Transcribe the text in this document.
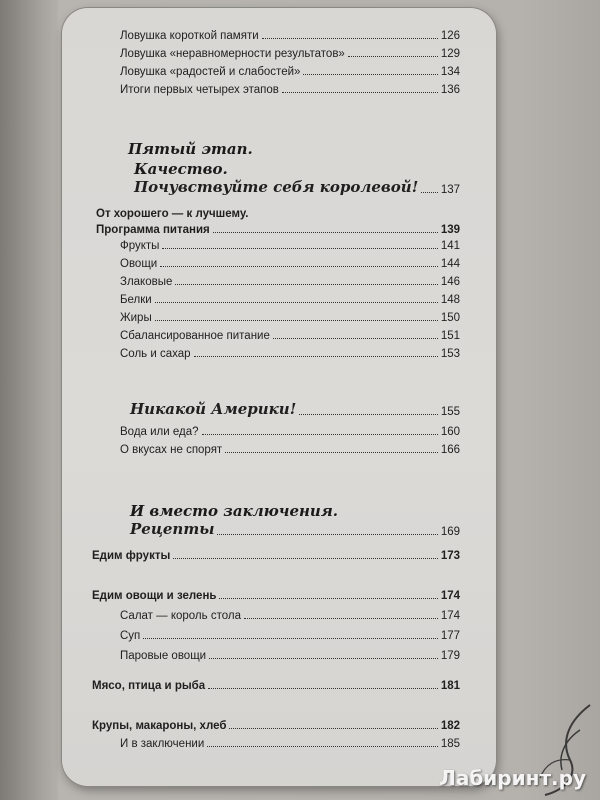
Ловушка короткой памяти	126
Ловушка «неравномерности результатов»	129
Ловушка «радостей и слабостей»	134
Итоги первых четырех этапов	136
Пятый этап.
Качество.
Почувствуйте себя королевой! 137
От хорошего — к лучшему.
Программа питания	139
Фрукты	141
Овощи	144
Злаковые	146
Белки	148
Жиры	150
Сбалансированное питание	151
Соль и сахар	153
Никакой Америки!	155
Вода или еда?	160
О вкусах не спорят	166
И вместо заключения.
Рецепты	169
Едим фрукты	173
Едим овощи и зелень	174
Салат — король стола	174
Суп	177
Паровые овощи	179
Мясо, птица и рыба	181
Крупы, макароны, хлеб	182
И в заключении	185
Лабиринт.ру
